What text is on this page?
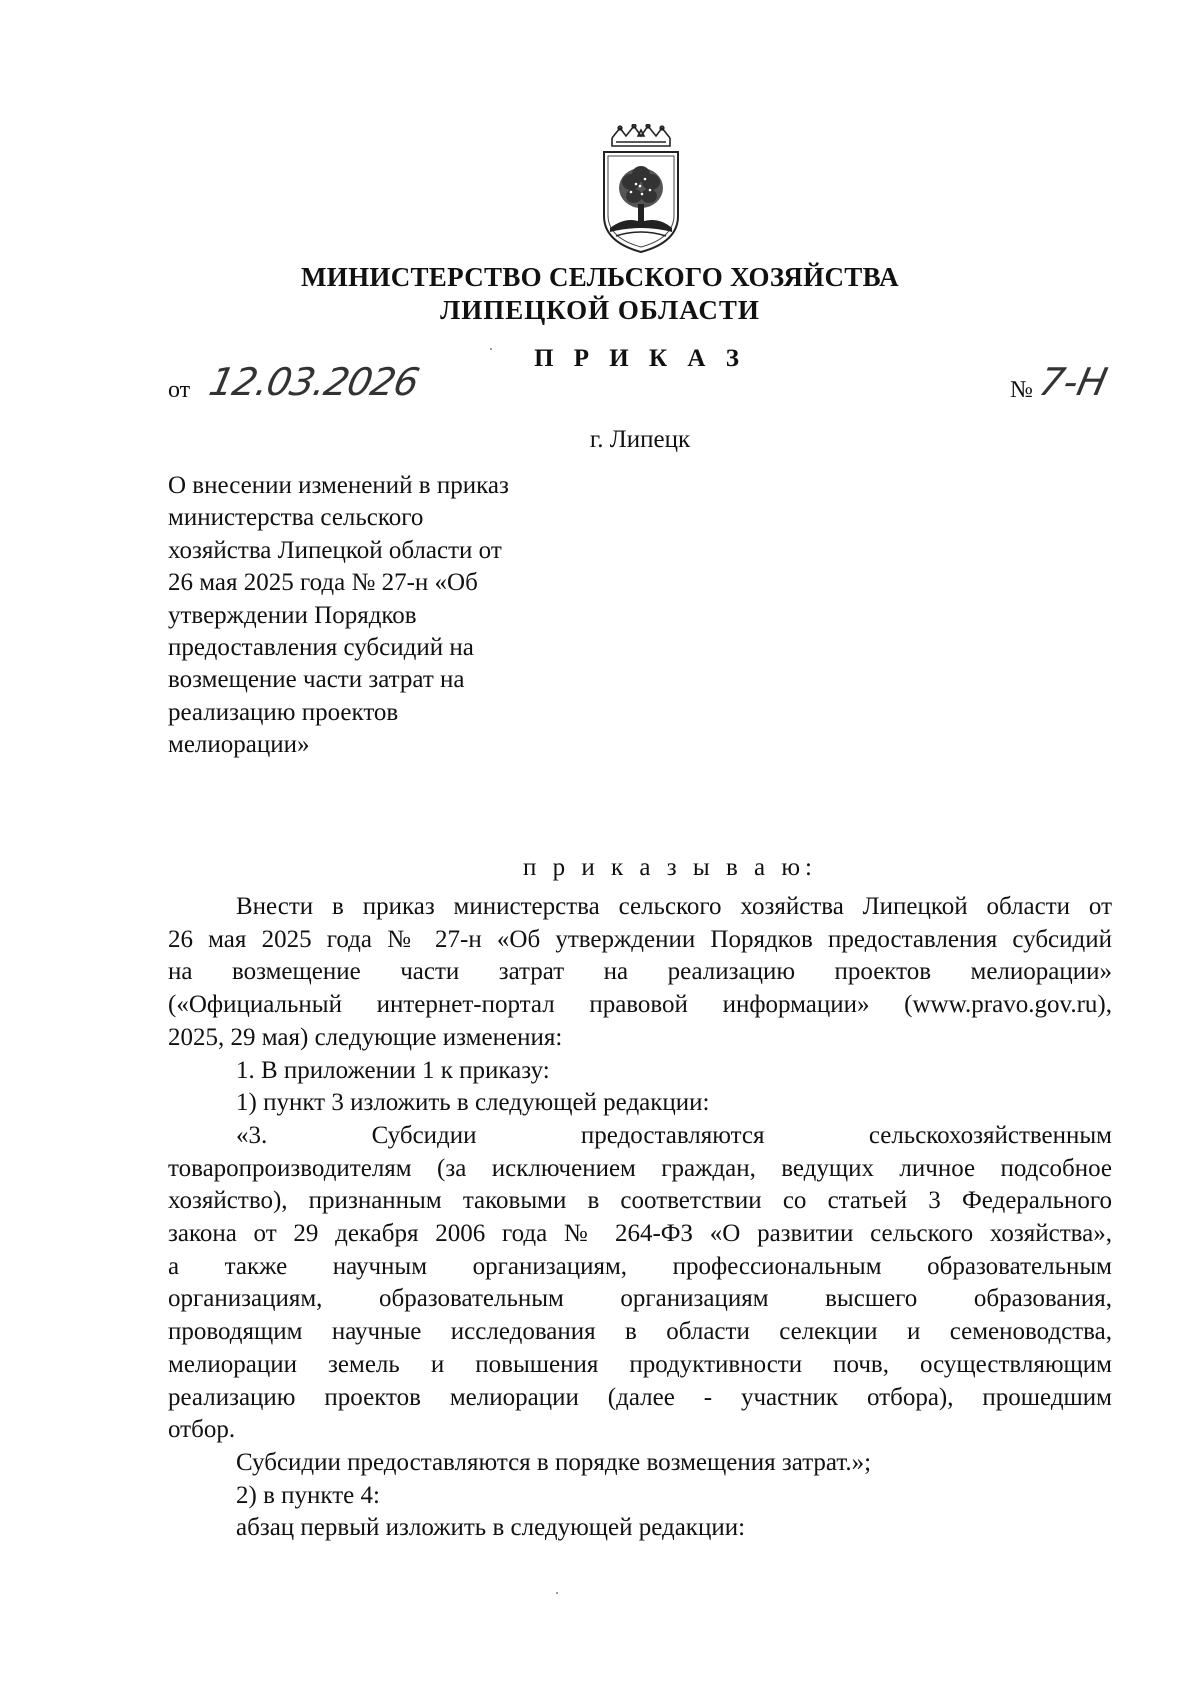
МИНИСТЕРСТВО СЕЛЬСКОГО ХОЗЯЙСТВА
ЛИПЕЦКОЙ ОБЛАСТИ
П Р И К А З
от 12.03.2026	№ 7-Н
г. Липецк
О внесении изменений в приказ
министерства сельского
хозяйства Липецкой области от
26 мая 2025 года № 27-н «Об
утверждении Порядков
предоставления субсидий на
возмещение части затрат на
реализацию проектов
мелиорации»
п р и к а з ы в а ю:
Внести в приказ министерства сельского хозяйства Липецкой области от
26 мая 2025 года № 27-н «Об утверждении Порядков предоставления субсидий
на возмещение части затрат на реализацию проектов мелиорации»
(«Официальный интернет-портал правовой информации» (www.pravo.gov.ru),
2025, 29 мая) следующие изменения:
1. В приложении 1 к приказу:
1) пункт 3 изложить в следующей редакции:
«3. Субсидии предоставляются сельскохозяйственным
товаропроизводителям (за исключением граждан, ведущих личное подсобное
хозяйство), признанным таковыми в соответствии со статьей 3 Федерального
закона от 29 декабря 2006 года № 264-ФЗ «О развитии сельского хозяйства»,
а также научным организациям, профессиональным образовательным
организациям, образовательным организациям высшего образования,
проводящим научные исследования в области селекции и семеноводства,
мелиорации земель и повышения продуктивности почв, осуществляющим
реализацию проектов мелиорации (далее - участник отбора), прошедшим
отбор.
Субсидии предоставляются в порядке возмещения затрат.»;
2) в пункте 4:
абзац первый изложить в следующей редакции:
